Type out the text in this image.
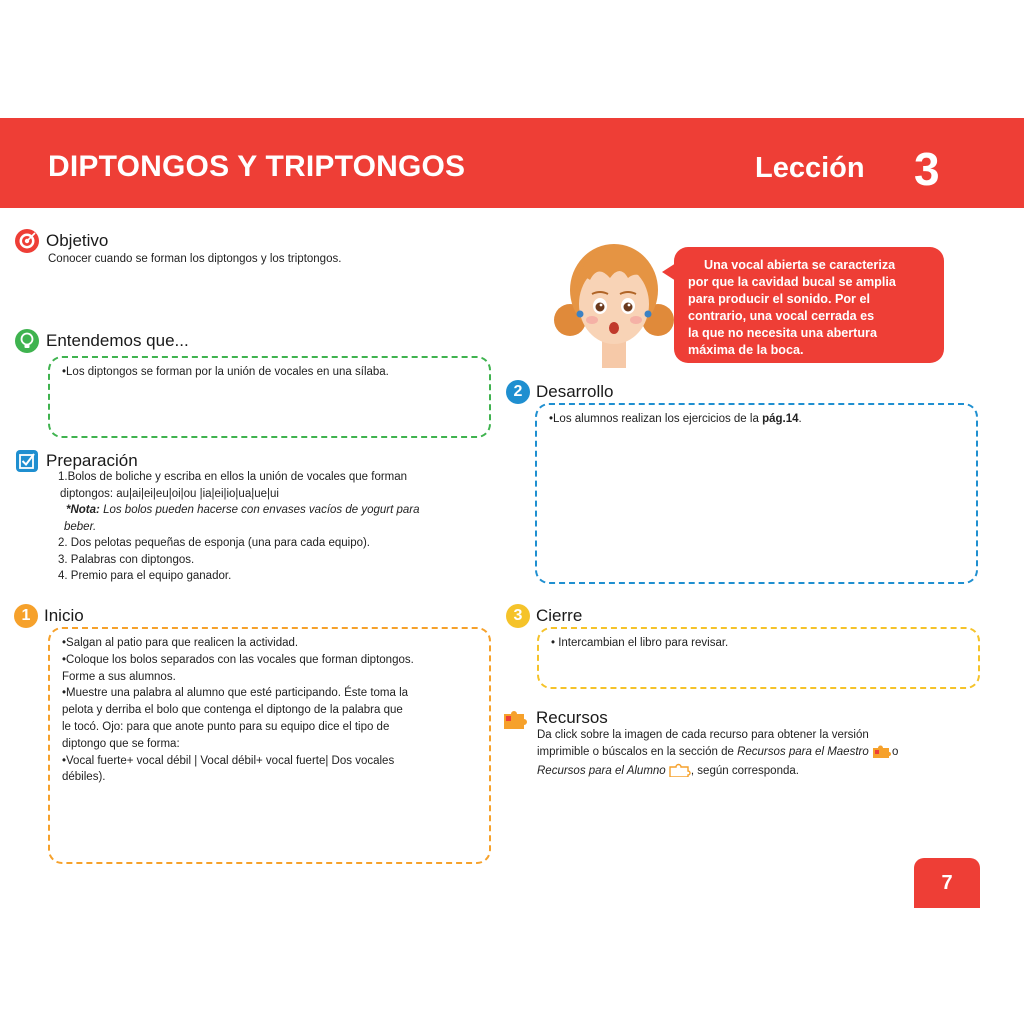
DIPTONGOS Y TRIPTONGOS	Lección 3
Objetivo
Conocer cuando se forman los diptongos y los triptongos.
Entendemos que...
•Los diptongos se forman por la unión de vocales en una sílaba.
Preparación
1.Bolos de boliche y escriba en ellos la unión de vocales que forman
diptongos: au|ai|ei|eu|oi|ou |ia|ei|io|ua|ue|ui
*Nota: Los bolos pueden hacerse con envases vacíos de yogurt para
beber.
2. Dos pelotas pequeñas de esponja (una para cada equipo).
3. Palabras con diptongos.
4. Premio para el equipo ganador.
1 Inicio
•Salgan al patio para que realicen la actividad.
•Coloque los bolos separados con las vocales que forman diptongos.
Forme a sus alumnos.
•Muestre una palabra al alumno que esté participando. Éste toma la
pelota y derriba el bolo que contenga el diptongo de la palabra que
le tocó. Ojo: para que anote punto para su equipo dice el tipo de
diptongo que se forma:
•Vocal fuerte+ vocal débil | Vocal débil+ vocal fuerte| Dos vocales
débiles).
Una vocal abierta se caracteriza
por que la cavidad bucal se amplia
para producir el sonido. Por el
contrario, una vocal cerrada es
la que no necesita una abertura
máxima de la boca.
2 Desarrollo
•Los alumnos realizan los ejercicios de la pág.14.
3 Cierre
• Intercambian el libro para revisar.
Recursos
Da click sobre la imagen de cada recurso para obtener la versión
imprimible o búscalos en la sección de Recursos para el Maestro o
Recursos para el Alumno , según corresponda.
7
